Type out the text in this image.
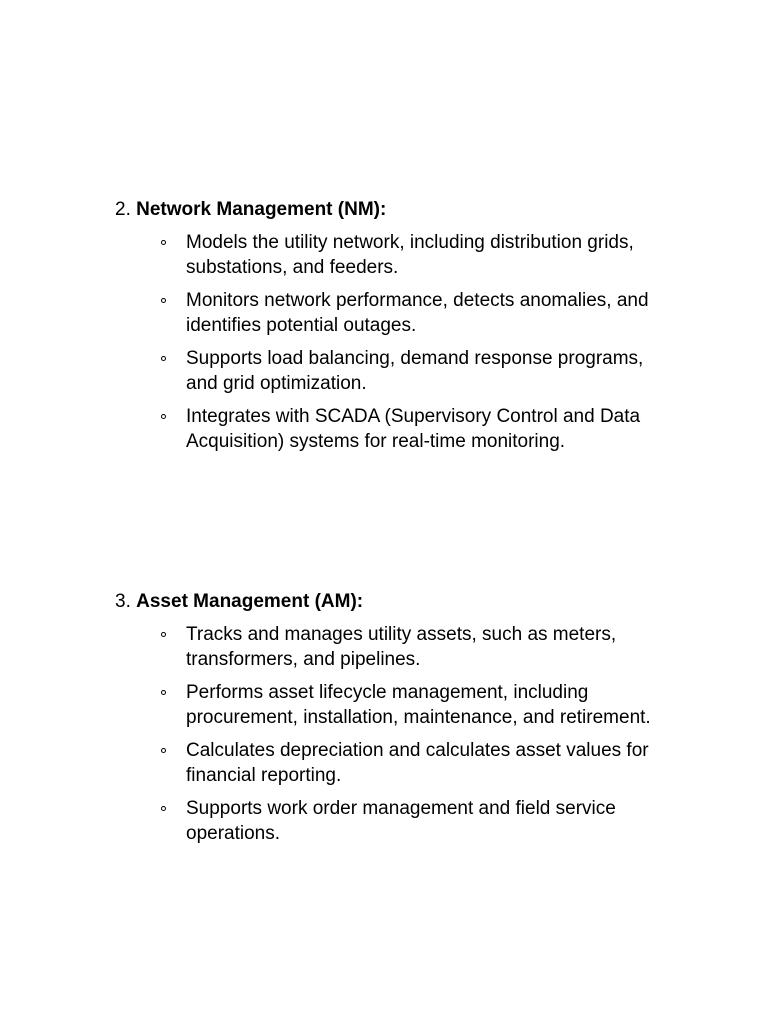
2. Network Management (NM):

Models the utility network, including distribution grids, substations, and feeders.
Monitors network performance, detects anomalies, and identifies potential outages.
Supports load balancing, demand response programs, and grid optimization.
Integrates with SCADA (Supervisory Control and Data Acquisition) systems for real-time monitoring.

3. Asset Management (AM):

Tracks and manages utility assets, such as meters, transformers, and pipelines.
Performs asset lifecycle management, including procurement, installation, maintenance, and retirement.
Calculates depreciation and calculates asset values for financial reporting.
Supports work order management and field service operations.
